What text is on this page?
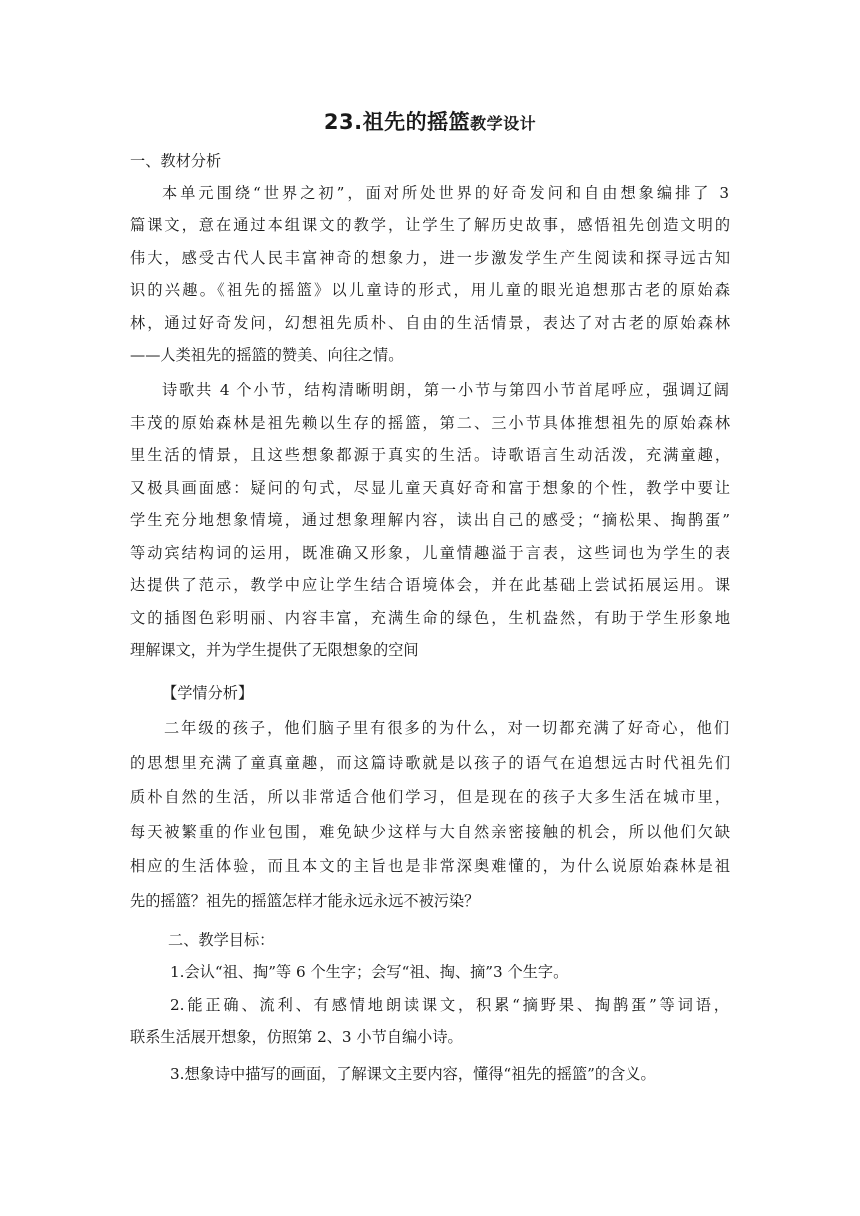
23.祖先的摇篮教学设计
一、教材分析
本单元围绕“世界之初”，面对所处世界的好奇发问和自由想象编排了 3
篇课文，意在通过本组课文的教学，让学生了解历史故事，感悟祖先创造文明的
伟大，感受古代人民丰富神奇的想象力，进一步激发学生产生阅读和探寻远古知
识的兴趣。《祖先的摇篮》以儿童诗的形式，用儿童的眼光追想那古老的原始森
林，通过好奇发问，幻想祖先质朴、自由的生活情景，表达了对古老的原始森林
——人类祖先的摇篮的赞美、向往之情。
诗歌共 4 个小节，结构清晰明朗，第一小节与第四小节首尾呼应，强调辽阔
丰茂的原始森林是祖先赖以生存的摇篮，第二、三小节具体推想祖先的原始森林
里生活的情景，且这些想象都源于真实的生活。诗歌语言生动活泼，充满童趣，
又极具画面感：疑问的句式，尽显儿童天真好奇和富于想象的个性，教学中要让
学生充分地想象情境，通过想象理解内容，读出自己的感受；“摘松果、掏鹊蛋”
等动宾结构词的运用，既准确又形象，儿童情趣溢于言表，这些词也为学生的表
达提供了范示，教学中应让学生结合语境体会，并在此基础上尝试拓展运用。课
文的插图色彩明丽、内容丰富，充满生命的绿色，生机盎然，有助于学生形象地
理解课文，并为学生提供了无限想象的空间
【学情分析】
二年级的孩子，他们脑子里有很多的为什么，对一切都充满了好奇心，他们
的思想里充满了童真童趣，而这篇诗歌就是以孩子的语气在追想远古时代祖先们
质朴自然的生活，所以非常适合他们学习，但是现在的孩子大多生活在城市里，
每天被繁重的作业包围，难免缺少这样与大自然亲密接触的机会，所以他们欠缺
相应的生活体验，而且本文的主旨也是非常深奥难懂的，为什么说原始森林是祖
先的摇篮？祖先的摇篮怎样才能永远永远不被污染？
二、教学目标：
1.会认“祖、掏”等 6 个生字；会写“祖、掏、摘”3 个生字。
2.能正确、流利、有感情地朗读课文，积累“摘野果、掏鹊蛋”等词语，
联系生活展开想象，仿照第 2、3 小节自编小诗。
3.想象诗中描写的画面，了解课文主要内容，懂得“祖先的摇篮”的含义。
